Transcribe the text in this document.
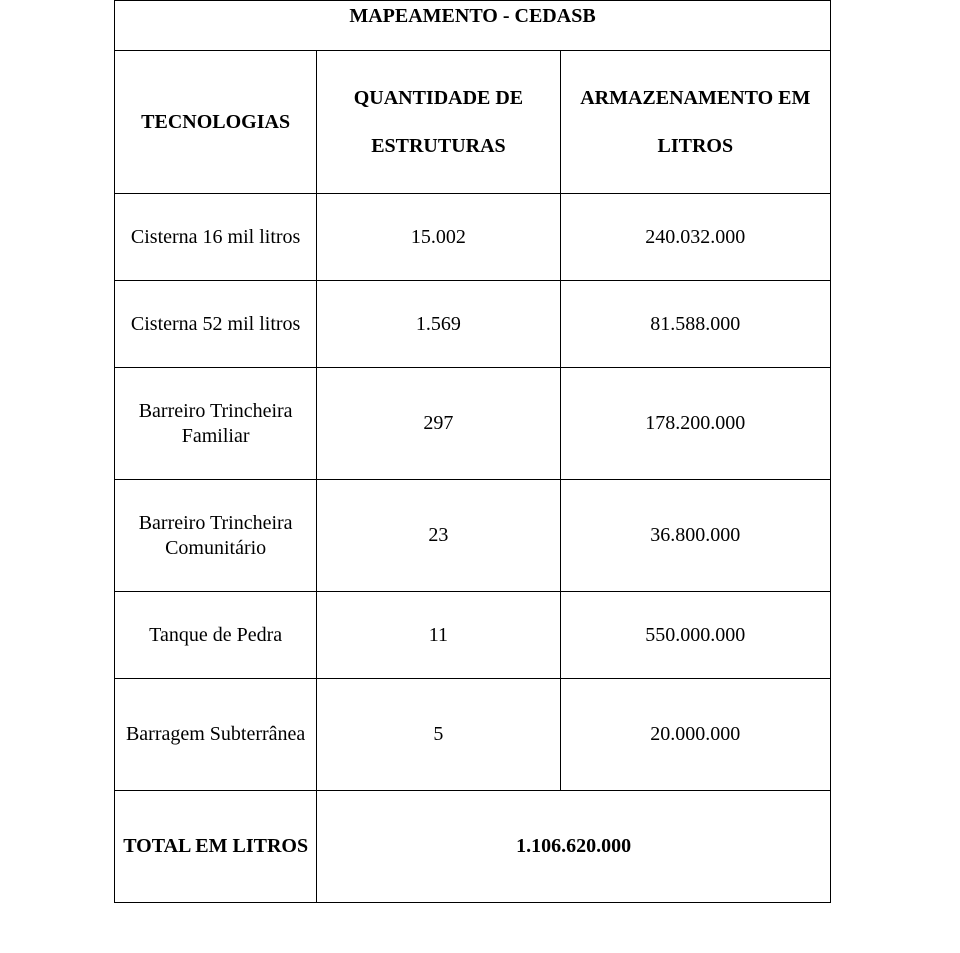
MAPEAMENTO - CEDASB		
TECNOLOGIAS	QUANTIDADE DE ESTRUTURAS	ARMAZENAMENTO EM LITROS
Cisterna 16 mil litros	15.002	240.032.000
Cisterna 52 mil litros	1.569	81.588.000
Barreiro Trincheira Familiar	297	178.200.000
Barreiro Trincheira Comunitário	23	36.800.000
Tanque de Pedra	11	550.000.000
Barragem Subterrânea	5	20.000.000
TOTAL EM LITROS	1.106.620.000	
